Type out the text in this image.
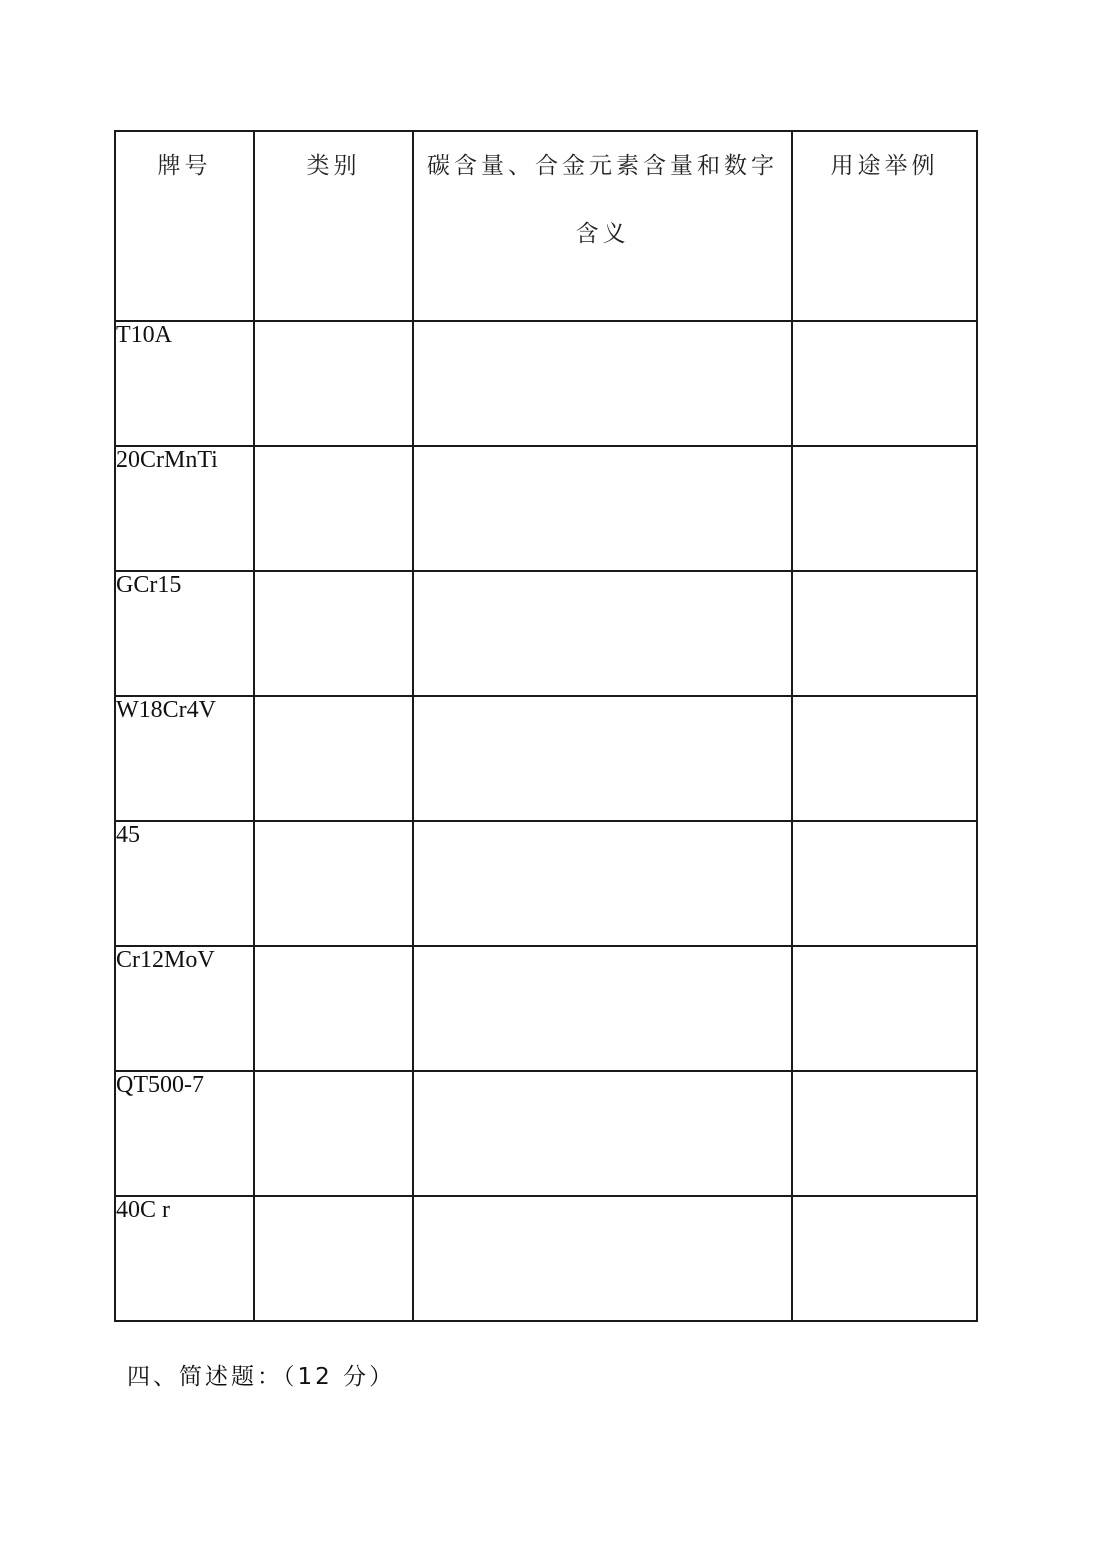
牌号	类别	碳含量、合金元素含量和数字含义	用途举例

T10A			
20CrMnTi			
GCr15			
W18Cr4V			
45			
Cr12MoV			
QT500-7			
40C r			
四、简述题：（12 分）
